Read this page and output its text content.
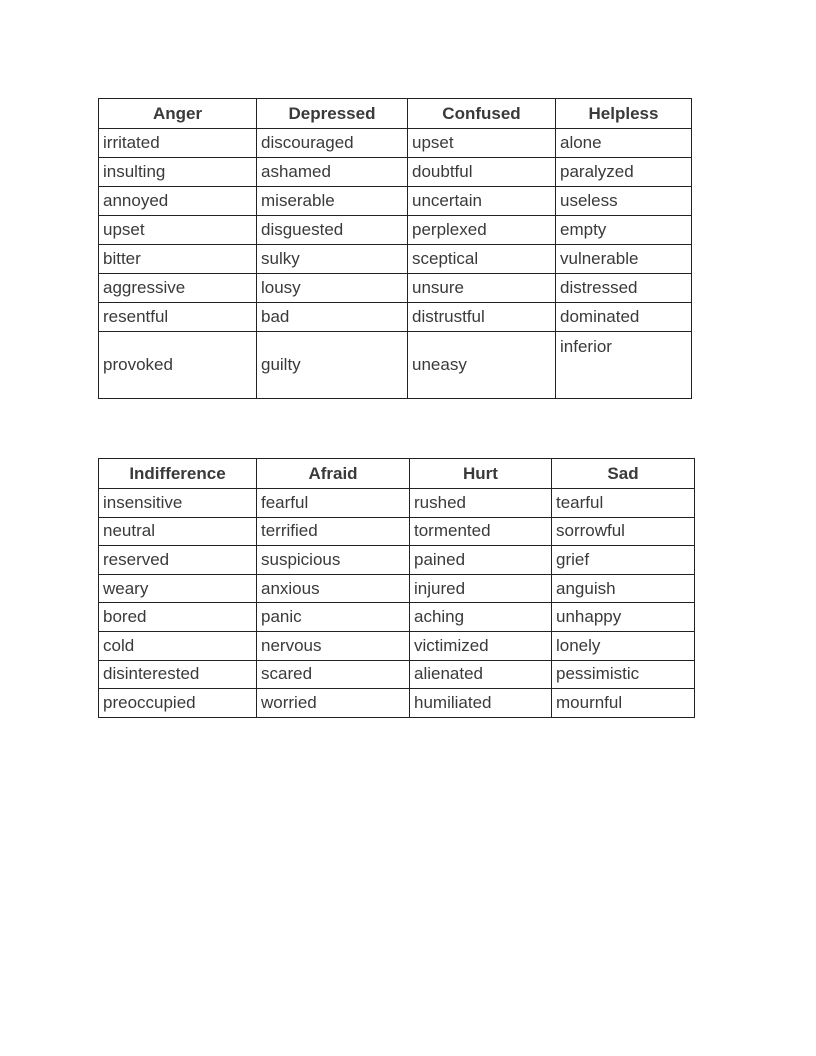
Anger	Depressed	Confused	Helpless
irritated	discouraged	upset	alone
insulting	ashamed	doubtful	paralyzed
annoyed	miserable	uncertain	useless
upset	disguested	perplexed	empty
bitter	sulky	sceptical	vulnerable
aggressive	lousy	unsure	distressed
resentful	bad	distrustful	dominated
provoked	guilty	uneasy	inferior
Indifference	Afraid	Hurt	Sad
insensitive	fearful	rushed	tearful
neutral	terrified	tormented	sorrowful
reserved	suspicious	pained	grief
weary	anxious	injured	anguish
bored	panic	aching	unhappy
cold	nervous	victimized	lonely
disinterested	scared	alienated	pessimistic
preoccupied	worried	humiliated	mournful
